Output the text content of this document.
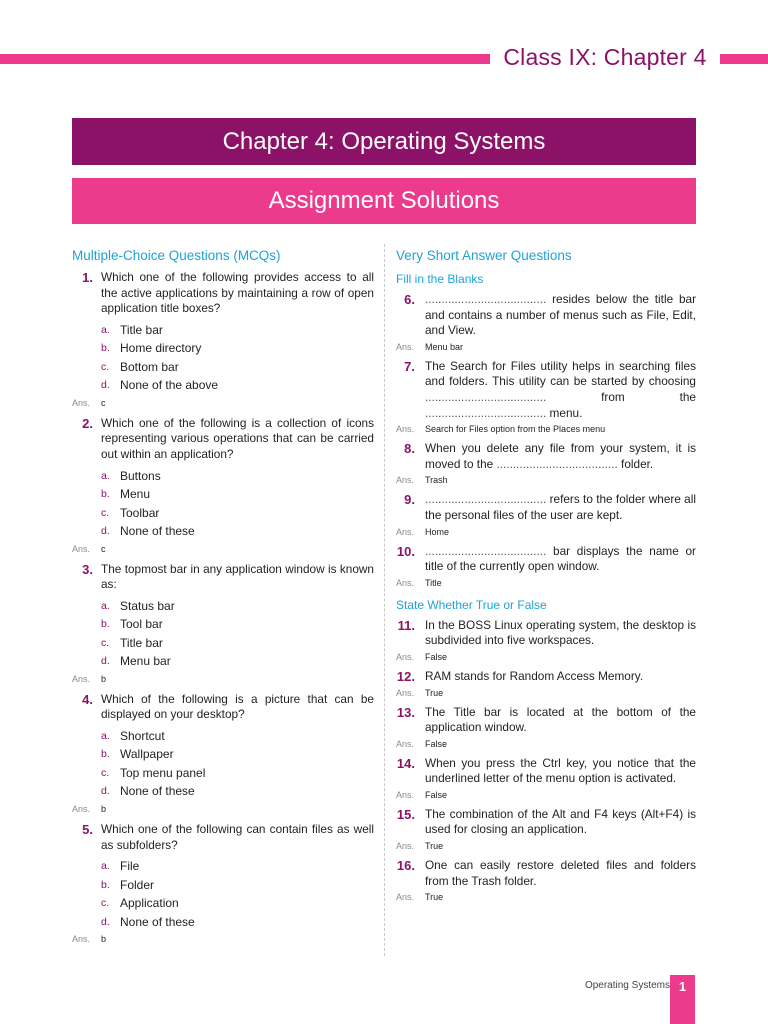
Class IX: Chapter 4
Chapter 4: Operating Systems
Assignment Solutions
Multiple-Choice Questions (MCQs)
1. Which one of the following provides access to all the active applications by maintaining a row of open application title boxes?
a. Title bar
b. Home directory
c. Bottom bar
d. None of the above
Ans.	c
2. Which one of the following is a collection of icons representing various operations that can be carried out within an application?
a. Buttons
b. Menu
c. Toolbar
d. None of these
Ans.	c
3. The topmost bar in any application window is known as:
a. Status bar
b. Tool bar
c. Title bar
d. Menu bar
Ans.	b
4. Which of the following is a picture that can be displayed on your desktop?
a. Shortcut
b. Wallpaper
c. Top menu panel
d. None of these
Ans.	b
5. Which one of the following can contain files as well as subfolders?
a. File
b. Folder
c. Application
d. None of these
Ans.	b
Very Short Answer Questions
Fill in the Blanks
6. ..................................... resides below the title bar and contains a number of menus such as File, Edit, and View.
Ans.	Menu bar
7. The Search for Files utility helps in searching files and folders. This utility can be started by choosing ..................................... from the ..................................... menu.
Ans.	Search for Files option from the Places menu
8. When you delete any file from your system, it is moved to the ..................................... folder.
Ans.	Trash
9. ..................................... refers to the folder where all the personal files of the user are kept.
Ans.	Home
10. ..................................... bar displays the name or title of the currently open window.
Ans.	Title
State Whether True or False
11. In the BOSS Linux operating system, the desktop is subdivided into five workspaces.
Ans.	False
12. RAM stands for Random Access Memory.
Ans.	True
13. The Title bar is located at the bottom of the application window.
Ans.	False
14. When you press the Ctrl key, you notice that the underlined letter of the menu option is activated.
Ans.	False
15. The combination of the Alt and F4 keys (Alt+F4) is used for closing an application.
Ans.	True
16. One can easily restore deleted files and folders from the Trash folder.
Ans.	True
Operating Systems 1
